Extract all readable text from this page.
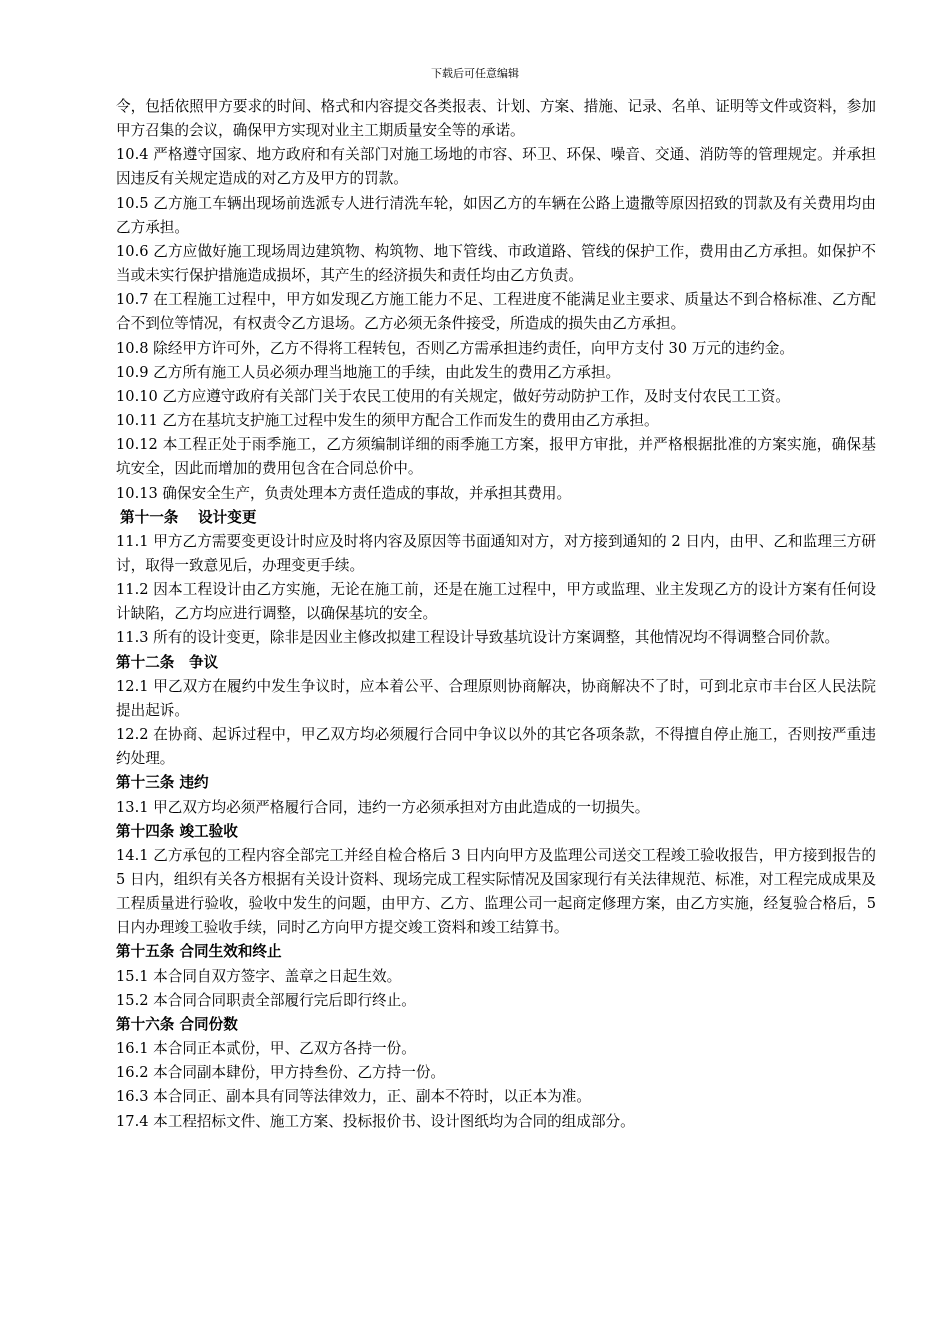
下载后可任意编辑

令，包括依照甲方要求的时间、格式和内容提交各类报表、计划、方案、措施、记录、名单、证明等文件或资料，参加甲方召集的会议，确保甲方实现对业主工期质量安全等的承诺。

10.4 严格遵守国家、地方政府和有关部门对施工场地的市容、环卫、环保、噪音、交通、消防等的管理规定。并承担因违反有关规定造成的对乙方及甲方的罚款。

10.5 乙方施工车辆出现场前选派专人进行清洗车轮，如因乙方的车辆在公路上遗撒等原因招致的罚款及有关费用均由乙方承担。

10.6 乙方应做好施工现场周边建筑物、构筑物、地下管线、市政道路、管线的保护工作，费用由乙方承担。如保护不当或未实行保护措施造成损坏，其产生的经济损失和责任均由乙方负责。

10.7 在工程施工过程中，甲方如发现乙方施工能力不足、工程进度不能满足业主要求、质量达不到合格标准、乙方配合不到位等情况，有权责令乙方退场。乙方必须无条件接受，所造成的损失由乙方承担。

10.8 除经甲方许可外，乙方不得将工程转包，否则乙方需承担违约责任，向甲方支付 30 万元的违约金。

10.9 乙方所有施工人员必须办理当地施工的手续，由此发生的费用乙方承担。

10.10 乙方应遵守政府有关部门关于农民工使用的有关规定，做好劳动防护工作，及时支付农民工工资。

10.11 乙方在基坑支护施工过程中发生的须甲方配合工作而发生的费用由乙方承担。

10.12 本工程正处于雨季施工，乙方须编制详细的雨季施工方案，报甲方审批，并严格根据批准的方案实施，确保基坑安全，因此而增加的费用包含在合同总价中。

10.13 确保安全生产，负责处理本方责任造成的事故，并承担其费用。

第十一条　 设计变更

11.1 甲方乙方需要变更设计时应及时将内容及原因等书面通知对方，对方接到通知的 2 日内，由甲、乙和监理三方研讨，取得一致意见后，办理变更手续。

11.2 因本工程设计由乙方实施，无论在施工前，还是在施工过程中，甲方或监理、业主发现乙方的设计方案有任何设计缺陷，乙方均应进行调整，以确保基坑的安全。

11.3 所有的设计变更，除非是因业主修改拟建工程设计导致基坑设计方案调整，其他情况均不得调整合同价款。

第十二条　争议

12.1 甲乙双方在履约中发生争议时，应本着公平、合理原则协商解决，协商解决不了时，可到北京市丰台区人民法院提出起诉。

12.2 在协商、起诉过程中，甲乙双方均必须履行合同中争议以外的其它各项条款，不得擅自停止施工，否则按严重违约处理。

第十三条 违约

13.1 甲乙双方均必须严格履行合同，违约一方必须承担对方由此造成的一切损失。

第十四条 竣工验收

14.1 乙方承包的工程内容全部完工并经自检合格后 3 日内向甲方及监理公司送交工程竣工验收报告，甲方接到报告的 5 日内，组织有关各方根据有关设计资料、现场完成工程实际情况及国家现行有关法律规范、标准，对工程完成成果及工程质量进行验收，验收中发生的问题，由甲方、乙方、监理公司一起商定修理方案，由乙方实施，经复验合格后，5 日内办理竣工验收手续，同时乙方向甲方提交竣工资料和竣工结算书。

第十五条 合同生效和终止

15.1 本合同自双方签字、盖章之日起生效。

15.2 本合同合同职责全部履行完后即行终止。

第十六条 合同份数

16.1 本合同正本贰份，甲、乙双方各持一份。

16.2 本合同副本肆份，甲方持叁份、乙方持一份。

16.3 本合同正、副本具有同等法律效力，正、副本不符时，以正本为准。

17.4 本工程招标文件、施工方案、投标报价书、设计图纸均为合同的组成部分。
